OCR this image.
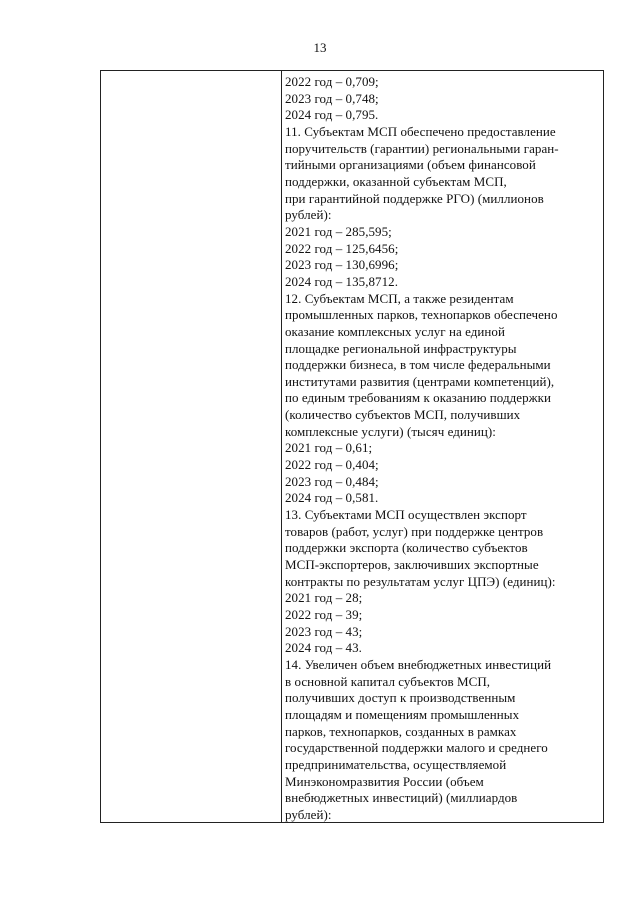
13
2022 год – 0,709;
2023 год – 0,748;
2024 год – 0,795.
11. Субъектам МСП обеспечено предоставление
поручительств (гарантии) региональными гаран-
тийными организациями (объем финансовой
поддержки, оказанной субъектам МСП,
при гарантийной поддержке РГО) (миллионов
рублей):
2021 год – 285,595;
2022 год – 125,6456;
2023 год – 130,6996;
2024 год – 135,8712.
12. Субъектам МСП, а также резидентам
промышленных парков, технопарков обеспечено
оказание комплексных услуг на единой
площадке региональной инфраструктуры
поддержки бизнеса, в том числе федеральными
институтами развития (центрами компетенций),
по единым требованиям к оказанию поддержки
(количество субъектов МСП, получивших
комплексные услуги) (тысяч единиц):
2021 год – 0,61;
2022 год – 0,404;
2023 год – 0,484;
2024 год – 0,581.
13. Субъектами МСП осуществлен экспорт
товаров (работ, услуг) при поддержке центров
поддержки экспорта (количество субъектов
МСП-экспортеров, заключивших экспортные
контракты по результатам услуг ЦПЭ) (единиц):
2021 год – 28;
2022 год – 39;
2023 год – 43;
2024 год – 43.
14. Увеличен объем внебюджетных инвестиций
в основной капитал субъектов МСП,
получивших доступ к производственным
площадям и помещениям промышленных
парков, технопарков, созданных в рамках
государственной поддержки малого и среднего
предпринимательства, осуществляемой
Минэкономразвития России (объем
внебюджетных инвестиций) (миллиардов
рублей):
